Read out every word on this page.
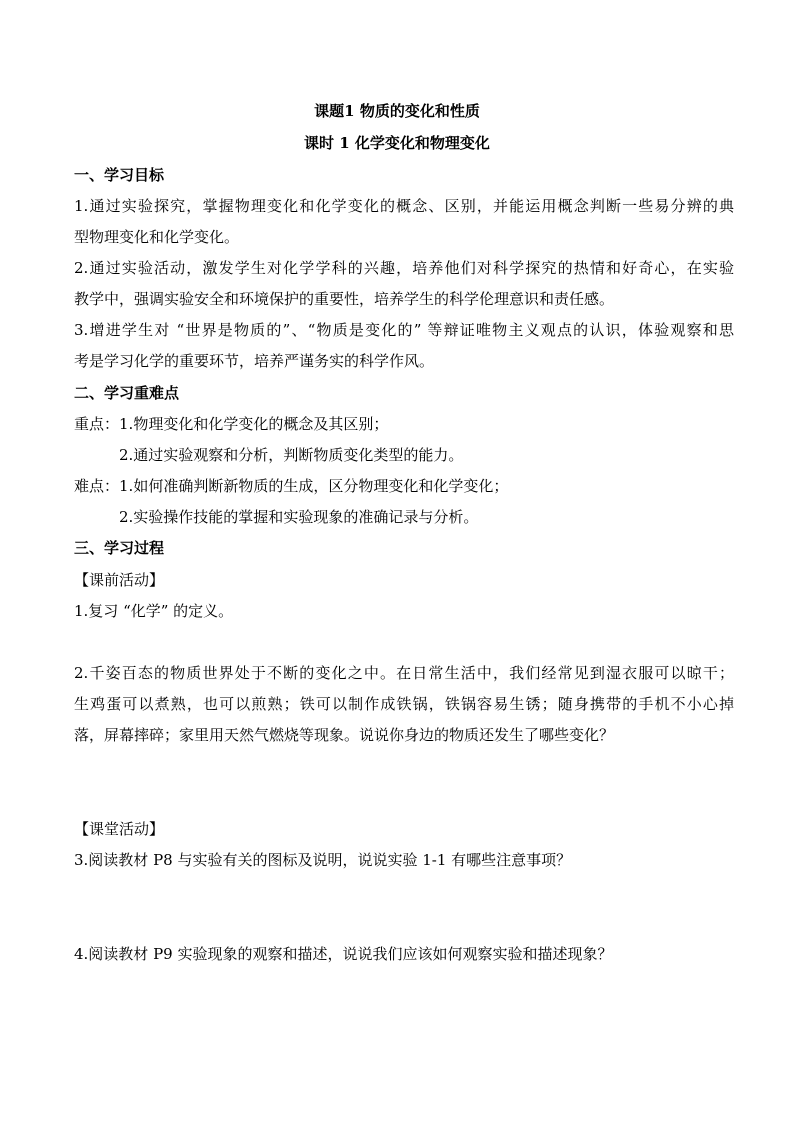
课题1 物质的变化和性质
课时 1 化学变化和物理变化
一、学习目标
1.通过实验探究，掌握物理变化和化学变化的概念、区别，并能运用概念判断一些易分辨的典
型物理变化和化学变化。
2.通过实验活动，激发学生对化学学科的兴趣，培养他们对科学探究的热情和好奇心，在实验
教学中，强调实验安全和环境保护的重要性，培养学生的科学伦理意识和责任感。
3.增进学生对 “世界是物质的”、“物质是变化的” 等辩证唯物主义观点的认识，体验观察和思
考是学习化学的重要环节，培养严谨务实的科学作风。
二、学习重难点
重点：1.物理变化和化学变化的概念及其区别；
2.通过实验观察和分析，判断物质变化类型的能力。
难点：1.如何准确判断新物质的生成，区分物理变化和化学变化；
2.实验操作技能的掌握和实验现象的准确记录与分析。
三、学习过程
【课前活动】
1.复习 “化学” 的定义。
2.千姿百态的物质世界处于不断的变化之中。在日常生活中，我们经常见到湿衣服可以晾干；
生鸡蛋可以煮熟，也可以煎熟；铁可以制作成铁锅，铁锅容易生锈；随身携带的手机不小心掉
落，屏幕摔碎；家里用天然气燃烧等现象。说说你身边的物质还发生了哪些变化？
【课堂活动】
3.阅读教材 P8 与实验有关的图标及说明，说说实验 1-1 有哪些注意事项？
4.阅读教材 P9 实验现象的观察和描述，说说我们应该如何观察实验和描述现象？
